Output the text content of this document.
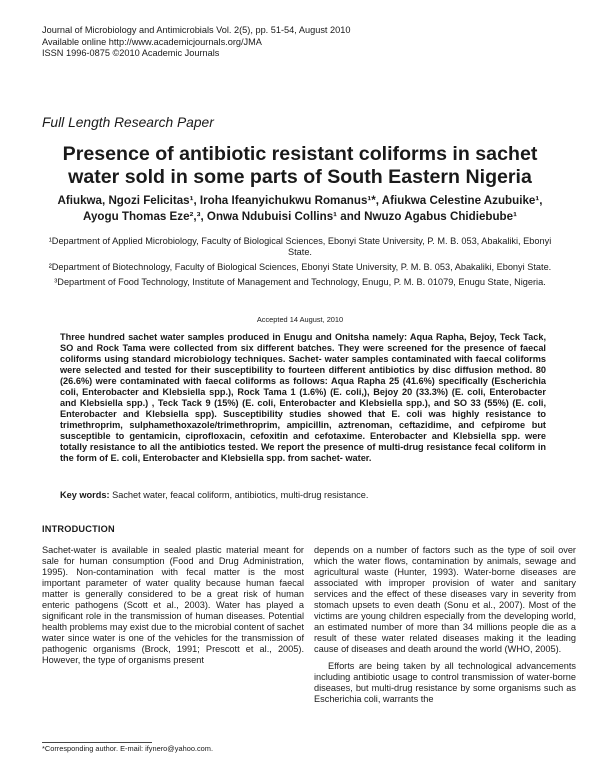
Journal of Microbiology and Antimicrobials Vol. 2(5), pp. 51-54, August 2010
Available online http://www.academicjournals.org/JMA
ISSN 1996-0875 ©2010 Academic Journals
Full Length Research Paper
Presence of antibiotic resistant coliforms in sachet
water sold in some parts of South Eastern Nigeria
Afiukwa, Ngozi Felicitas¹, Iroha Ifeanyichukwu Romanus¹*, Afiukwa Celestine Azubuike¹,
Ayogu Thomas Eze²,³, Onwa Ndubuisi Collins¹ and Nwuzo Agabus Chidiebube¹
¹Department of Applied Microbiology, Faculty of Biological Sciences, Ebonyi State University, P. M. B. 053, Abakaliki, Ebonyi State.
²Department of Biotechnology, Faculty of Biological Sciences, Ebonyi State University, P. M. B. 053, Abakaliki, Ebonyi State.
³Department of Food Technology, Institute of Management and Technology, Enugu, P. M. B. 01079, Enugu State, Nigeria.
Accepted 14 August, 2010
Three hundred sachet water samples produced in Enugu and Onitsha namely: Aqua Rapha, Bejoy, Teck Tack, SO and Rock Tama were collected from six different batches. They were screened for the presence of faecal coliforms using standard microbiology techniques. Sachet- water samples contaminated with faecal coliforms were selected and tested for their susceptibility to fourteen different antibiotics by disc diffusion method. 80 (26.6%) were contaminated with faecal coliforms as follows: Aqua Rapha 25 (41.6%) specifically (Escherichia coli, Enterobacter and Klebsiella spp.), Rock Tama 1 (1.6%) (E. coli,), Bejoy 20 (33.3%) (E. coli, Enterobacter and Klebsiella spp.) , Teck Tack 9 (15%) (E. coli, Enterobacter and Klebsiella spp.), and SO 33 (55%) (E. coli, Enterobacter and Klebsiella spp). Susceptibility studies showed that E. coli was highly resistance to trimethroprim, sulphamethoxazole/trimethroprim, ampicillin, aztrenoman, ceftazidime, and cefpirome but susceptible to gentamicin, ciprofloxacin, cefoxitin and cefotaxime. Enterobacter and Klebsiella spp. were totally resistance to all the antibiotics tested. We report the presence of multi-drug resistance fecal coliform in the form of E. coli, Enterobacter and Klebsiella spp. from sachet- water.
Key words: Sachet water, feacal coliform, antibiotics, multi-drug resistance.
INTRODUCTION

Sachet-water is available in sealed plastic material meant for sale for human consumption (Food and Drug Administration, 1995). Non-contamination with fecal matter is the most important parameter of water quality because human faecal matter is generally considered to be a great risk of human enteric pathogens (Scott et al., 2003). Water has played a significant role in the transmission of human diseases. Potential health problems may exist due to the microbial content of sachet water since water is one of the vehicles for the transmission of pathogenic organisms (Brock, 1991; Prescott et al., 2005). However, the type of organisms present

depends on a number of factors such as the type of soil over which the water flows, contamination by animals, sewage and agricultural waste (Hunter, 1993). Water-borne diseases are associated with improper provision of water and sanitary services and the effect of these diseases vary in severity from stomach upsets to even death (Sonu et al., 2007). Most of the victims are young children especially from the developing world, an estimated number of more than 34 millions people die as a result of these water related diseases making it the leading cause of diseases and death around the world (WHO, 2005).

Efforts are being taken by all technological advancements including antibiotic usage to control transmission of water-borne diseases, but multi-drug resistance by some organisms such as Escherichia coli, warrants the

*Corresponding author. E-mail: ifynero@yahoo.com.
